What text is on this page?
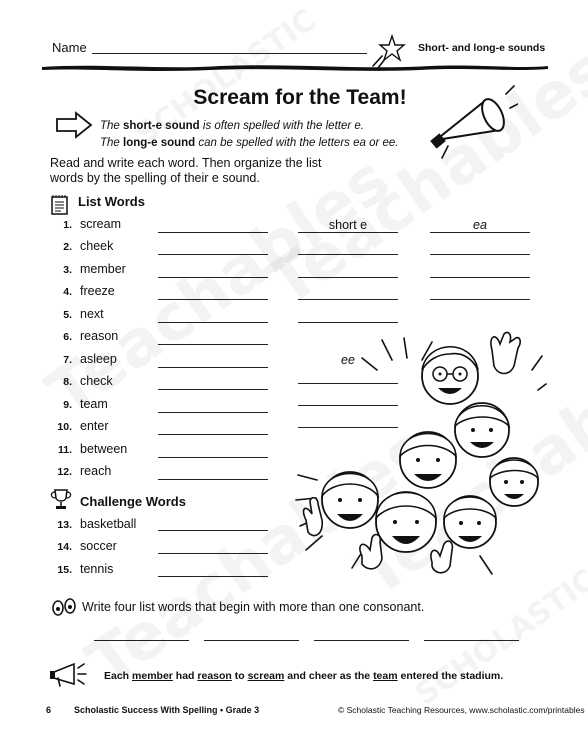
Name	Short- and long-e sounds
Scream for the Team!
The short-e sound is often spelled with the letter e.
The long-e sound can be spelled with the letters ea or ee.
Read and write each word. Then organize the list words by the spelling of their e sound.
List Words
short e	ea
ee
1. scream
2. cheek
3. member
4. freeze
5. next
6. reason
7. asleep
8. check
9. team
10. enter
11. between
12. reach
Challenge Words
13. basketball
14. soccer
15. tennis
Write four list words that begin with more than one consonant.
Each member had reason to scream and cheer as the team entered the stadium.
6	Scholastic Success With Spelling • Grade 3	© Scholastic Teaching Resources, www.scholastic.com/printables
